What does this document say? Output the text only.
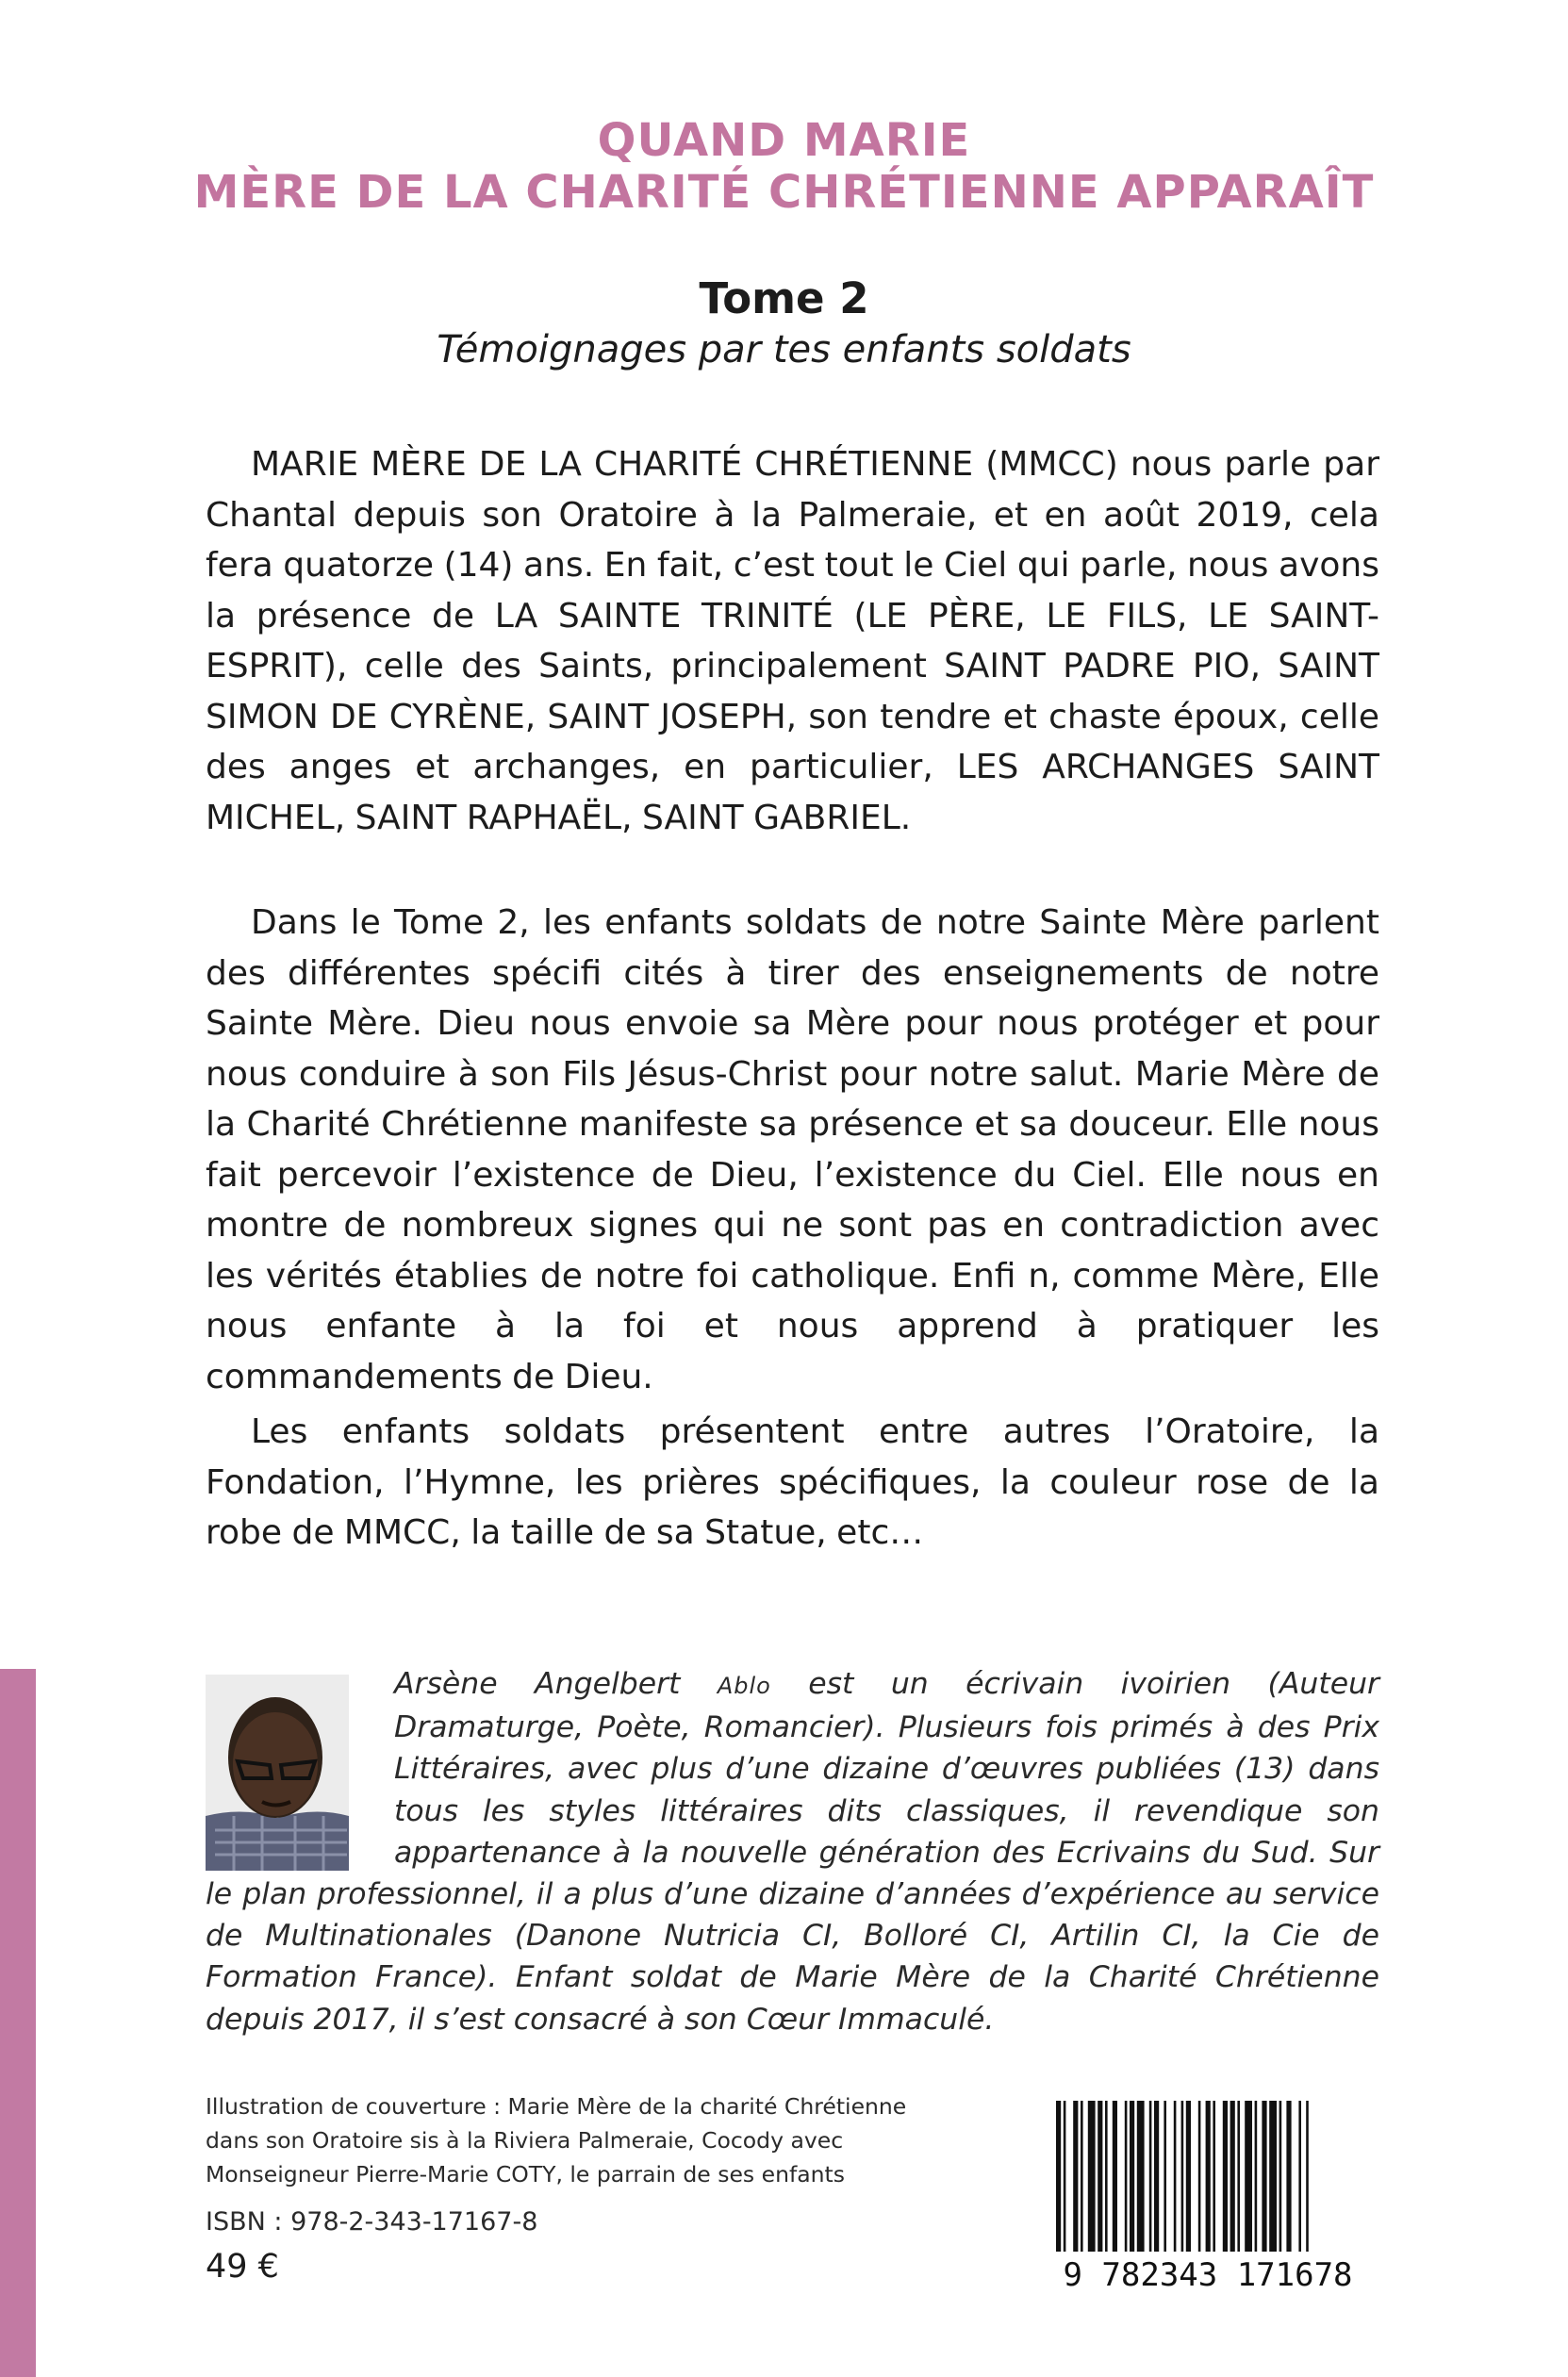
QUAND MARIE
MÈRE DE LA CHARITÉ CHRÉTIENNE APPARAÎT
Tome 2
Témoignages par tes enfants soldats

MARIE MÈRE DE LA CHARITÉ CHRÉTIENNE (MMCC) nous parle par Chantal depuis son Oratoire à la Palmeraie, et en août 2019, cela fera quatorze (14) ans. En fait, c’est tout le Ciel qui parle, nous avons la présence de LA SAINTE TRINITÉ (LE PÈRE, LE FILS, LE SAINT-ESPRIT), celle des Saints, principalement SAINT PADRE PIO, SAINT SIMON DE CYRÈNE, SAINT JOSEPH, son tendre et chaste époux, celle des anges et archanges, en particulier, LES ARCHANGES SAINT MICHEL, SAINT RAPHAËL, SAINT GABRIEL.

Dans le Tome 2, les enfants soldats de notre Sainte Mère parlent des différentes spécifi cités à tirer des enseignements de notre Sainte Mère. Dieu nous envoie sa Mère pour nous protéger et pour nous conduire à son Fils Jésus-Christ pour notre salut. Marie Mère de la Charité Chrétienne manifeste sa présence et sa douceur. Elle nous fait percevoir l’existence de Dieu, l’existence du Ciel. Elle nous en montre de nombreux signes qui ne sont pas en contradiction avec les vérités établies de notre foi catholique. Enfi n, comme Mère, Elle nous enfante à la foi et nous apprend à pratiquer les commandements de Dieu.

Les enfants soldats présentent entre autres l’Oratoire, la Fondation, l’Hymne, les prières spécifiques, la couleur rose de la robe de MMCC, la taille de sa Statue, etc…

Arsène Angelbert Ablo est un écrivain ivoirien (Auteur Dramaturge, Poète, Romancier). Plusieurs fois primés à des Prix Littéraires, avec plus d’une dizaine d’œuvres publiées (13) dans tous les styles littéraires dits classiques, il revendique son appartenance à la nouvelle génération des Ecrivains du Sud. Sur le plan professionnel, il a plus d’une dizaine d’années d’expérience au service de Multinationales (Danone Nutricia CI, Bolloré CI, Artilin CI, la Cie de Formation France). Enfant soldat de Marie Mère de la Charité Chrétienne depuis 2017, il s’est consacré à son Cœur Immaculé.

Illustration de couverture : Marie Mère de la charité Chrétienne
dans son Oratoire sis à la Riviera Palmeraie, Cocody avec
Monseigneur Pierre-Marie COTY, le parrain de ses enfants
ISBN : 978-2-343-17167-8
49 €	9 782343 171678
